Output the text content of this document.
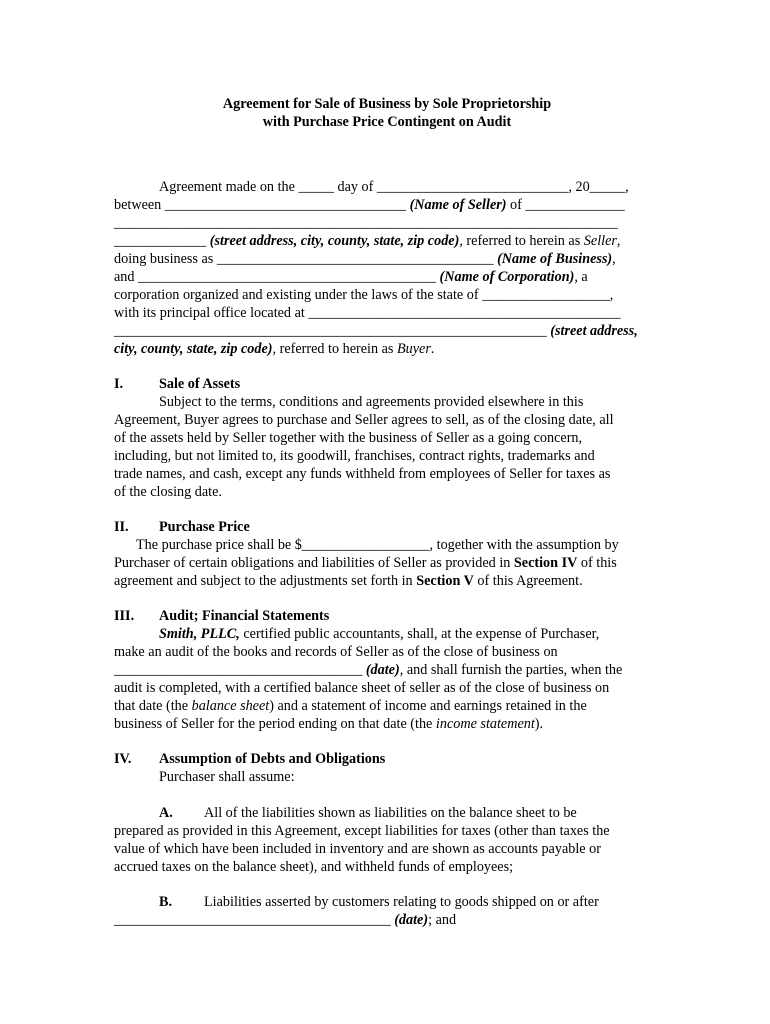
Agreement for Sale of Business by Sole Proprietorship
with Purchase Price Contingent on Audit
Agreement made on the _____ day of ___________________________, 20_____,
between __________________________________ (Name of Seller) of ______________
_______________________________________________________________________
_____________ (street address, city, county, state, zip code), referred to herein as Seller,
doing business as _______________________________________ (Name of Business),
and __________________________________________ (Name of Corporation), a
corporation organized and existing under the laws of the state of __________________,
with its principal office located at ____________________________________________
_____________________________________________________________ (street address,
city, county, state, zip code), referred to herein as Buyer.
I.	Sale of Assets
Subject to the terms, conditions and agreements provided elsewhere in this
Agreement, Buyer agrees to purchase and Seller agrees to sell, as of the closing date, all
of the assets held by Seller together with the business of Seller as a going concern,
including, but not limited to, its goodwill, franchises, contract rights, trademarks and
trade names, and cash, except any funds withheld from employees of Seller for taxes as
of the closing date.
II. Purchase Price
The purchase price shall be $__________________, together with the assumption by
Purchaser of certain obligations and liabilities of Seller as provided in Section IV of this
agreement and subject to the adjustments set forth in Section V of this Agreement.
III. Audit; Financial Statements
Smith, PLLC, certified public accountants, shall, at the expense of Purchaser,
make an audit of the books and records of Seller as of the close of business on
___________________________________ (date), and shall furnish the parties, when the
audit is completed, with a certified balance sheet of seller as of the close of business on
that date (the balance sheet) and a statement of income and earnings retained in the
business of Seller for the period ending on that date (the income statement).
IV. Assumption of Debts and Obligations
Purchaser shall assume:
A. All of the liabilities shown as liabilities on the balance sheet to be
prepared as provided in this Agreement, except liabilities for taxes (other than taxes the
value of which have been included in inventory and are shown as accounts payable or
accrued taxes on the balance sheet), and withheld funds of employees;
B. Liabilities asserted by customers relating to goods shipped on or after
_______________________________________ (date); and
